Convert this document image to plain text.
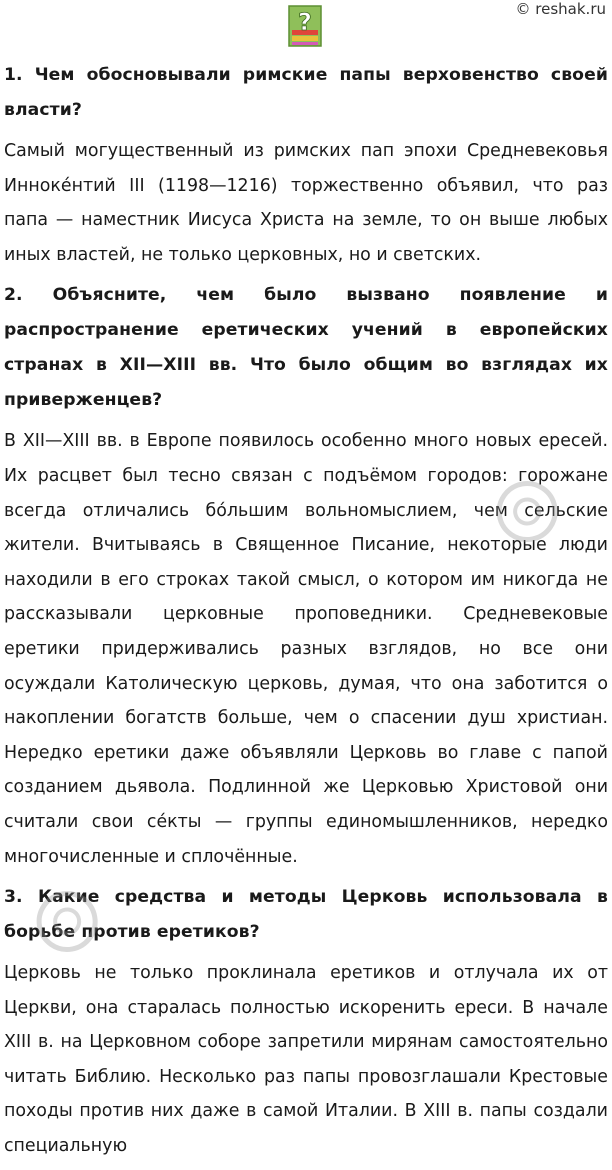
© reshak.ru
?

1. Чем обосновывали римские папы верховенство своей власти?

Самый могущественный из римских пап эпохи Средневековья Инноке́нтий III (1198—1216) торжественно объявил, что раз папа — наместник Иисуса Христа на земле, то он выше любых иных властей, не только церковных, но и светских.

2. Объясните, чем было вызвано появление и распространение еретических учений в европейских странах в XII—XIII вв. Что было общим во взглядах их приверженцев?

В XII—XIII вв. в Европе появилось особенно много новых ересей. Их расцвет был тесно связан с подъёмом городов: горожане всегда отличались бо́льшим вольномыслием, чем сельские жители. Вчитываясь в Священное Писание, некоторые люди находили в его строках такой смысл, о котором им никогда не рассказывали церковные проповедники. Средневековые еретики придерживались разных взглядов, но все они осуждали Католическую церковь, думая, что она заботится о накоплении богатств больше, чем о спасении душ христиан. Нередко еретики даже объявляли Церковь во главе с папой созданием дьявола. Подлинной же Церковью Христовой они считали свои се́кты — группы единомышленников, нередко многочисленные и сплочённые.

3. Какие средства и методы Церковь использовала в борьбе против еретиков?

Церковь не только проклинала еретиков и отлучала их от Церкви, она старалась полностью искоренить ереси. В начале XIII в. на Церковном соборе запретили мирянам самостоятельно читать Библию. Несколько раз папы провозглашали Крестовые походы против них даже в самой Италии. В XIII в. папы создали специальную
